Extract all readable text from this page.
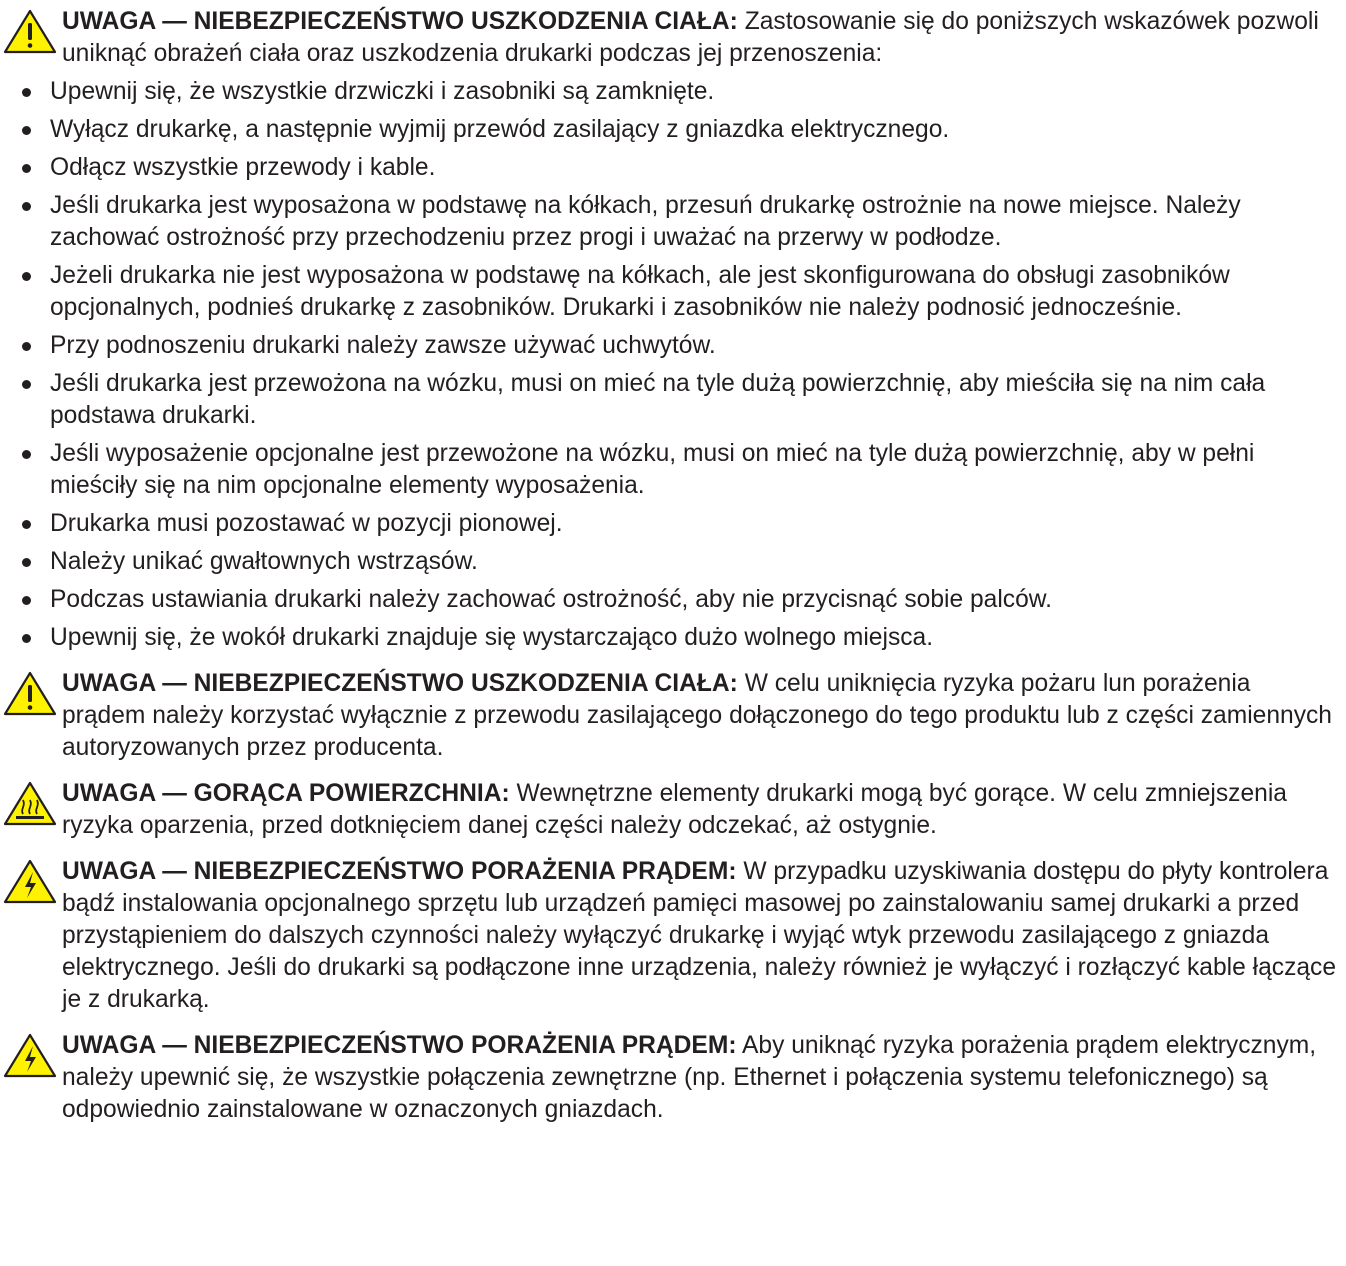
UWAGA — NIEBEZPIECZEŃSTWO USZKODZENIA CIAŁA: Zastosowanie się do poniższych wskazówek pozwoli uniknąć obrażeń ciała oraz uszkodzenia drukarki podczas jej przenoszenia:
Upewnij się, że wszystkie drzwiczki i zasobniki są zamknięte.
Wyłącz drukarkę, a następnie wyjmij przewód zasilający z gniazdka elektrycznego.
Odłącz wszystkie przewody i kable.
Jeśli drukarka jest wyposażona w podstawę na kółkach, przesuń drukarkę ostrożnie na nowe miejsce. Należy zachować ostrożność przy przechodzeniu przez progi i uważać na przerwy w podłodze.
Jeżeli drukarka nie jest wyposażona w podstawę na kółkach, ale jest skonfigurowana do obsługi zasobników opcjonalnych, podnieś drukarkę z zasobników. Drukarki i zasobników nie należy podnosić jednocześnie.
Przy podnoszeniu drukarki należy zawsze używać uchwytów.
Jeśli drukarka jest przewożona na wózku, musi on mieć na tyle dużą powierzchnię, aby mieściła się na nim cała podstawa drukarki.
Jeśli wyposażenie opcjonalne jest przewożone na wózku, musi on mieć na tyle dużą powierzchnię, aby w pełni mieściły się na nim opcjonalne elementy wyposażenia.
Drukarka musi pozostawać w pozycji pionowej.
Należy unikać gwałtownych wstrząsów.
Podczas ustawiania drukarki należy zachować ostrożność, aby nie przycisnąć sobie palców.
Upewnij się, że wokół drukarki znajduje się wystarczająco dużo wolnego miejsca.
UWAGA — NIEBEZPIECZEŃSTWO USZKODZENIA CIAŁA: W celu uniknięcia ryzyka pożaru lun porażenia prądem należy korzystać wyłącznie z przewodu zasilającego dołączonego do tego produktu lub z części zamiennych autoryzowanych przez producenta.
UWAGA — GORĄCA POWIERZCHNIA: Wewnętrzne elementy drukarki mogą być gorące. W celu zmniejszenia ryzyka oparzenia, przed dotknięciem danej części należy odczekać, aż ostygnie.
UWAGA — NIEBEZPIECZEŃSTWO PORAŻENIA PRĄDEM: W przypadku uzyskiwania dostępu do płyty kontrolera bądź instalowania opcjonalnego sprzętu lub urządzeń pamięci masowej po zainstalowaniu samej drukarki a przed przystąpieniem do dalszych czynności należy wyłączyć drukarkę i wyjąć wtyk przewodu zasilającego z gniazda elektrycznego. Jeśli do drukarki są podłączone inne urządzenia, należy również je wyłączyć i rozłączyć kable łączące je z drukarką.
UWAGA — NIEBEZPIECZEŃSTWO PORAŻENIA PRĄDEM: Aby uniknąć ryzyka porażenia prądem elektrycznym, należy upewnić się, że wszystkie połączenia zewnętrzne (np. Ethernet i połączenia systemu telefonicznego) są odpowiednio zainstalowane w oznaczonych gniazdach.
